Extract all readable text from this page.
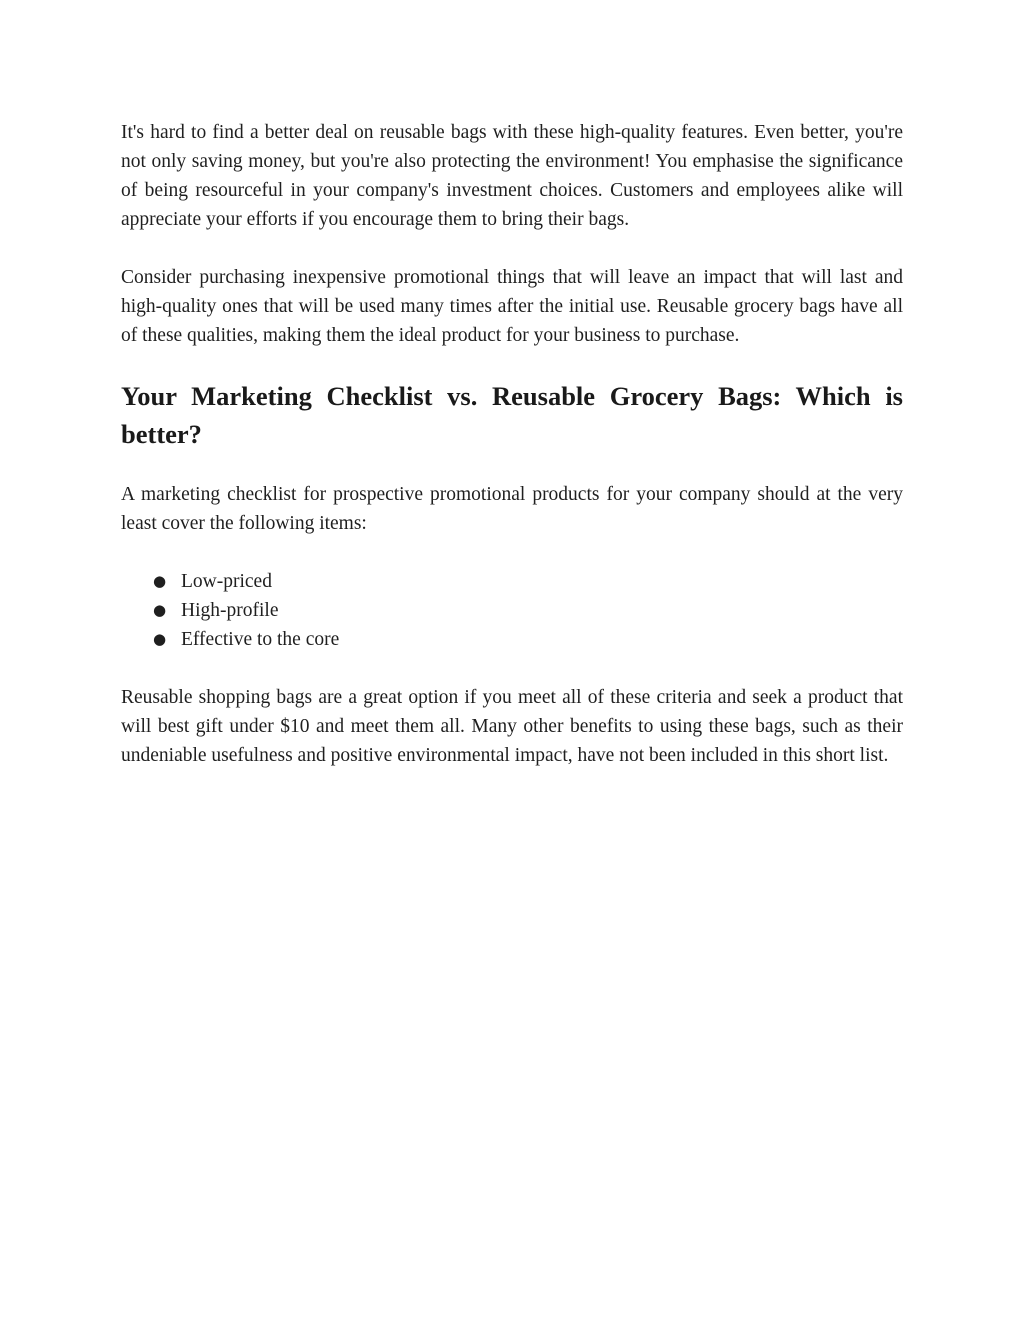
It's hard to find a better deal on reusable bags with these high-quality features. Even better, you're not only saving money, but you're also protecting the environment! You emphasise the significance of being resourceful in your company's investment choices. Customers and employees alike will appreciate your efforts if you encourage them to bring their bags.

Consider purchasing inexpensive promotional things that will leave an impact that will last and high-quality ones that will be used many times after the initial use. Reusable grocery bags have all of these qualities, making them the ideal product for your business to purchase.

Your Marketing Checklist vs. Reusable Grocery Bags: Which is better?

A marketing checklist for prospective promotional products for your company should at the very least cover the following items:

● Low-priced
● High-profile
● Effective to the core

Reusable shopping bags are a great option if you meet all of these criteria and seek a product that will best gift under $10 and meet them all. Many other benefits to using these bags, such as their undeniable usefulness and positive environmental impact, have not been included in this short list.
